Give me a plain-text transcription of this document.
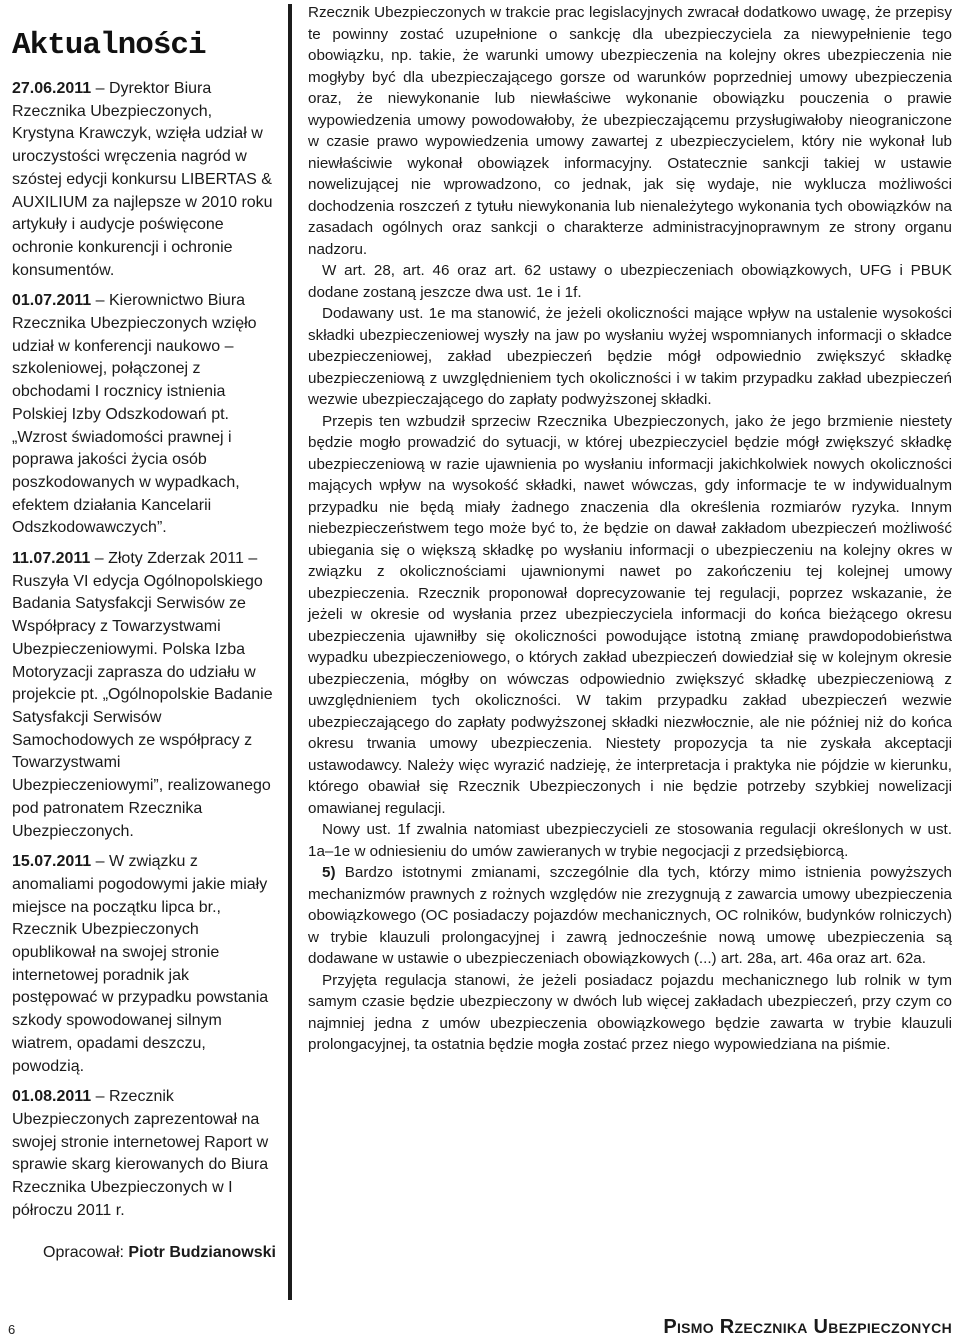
Aktualności

27.06.2011 – Dyrektor Biura Rzecznika Ubezpieczonych, Krystyna Krawczyk, wzięła udział w uroczystości wręczenia nagród w szóstej edycji konkursu LIBERTAS & AUXILIUM za najlepsze w 2010 roku artykuły i audycje poświęcone ochronie konkurencji i ochronie konsumentów.

01.07.2011 – Kierownictwo Biura Rzecznika Ubezpieczonych wzięło udział w konferencji naukowo – szkoleniowej, połączonej z obchodami I rocznicy istnienia Polskiej Izby Odszkodowań pt. „Wzrost świadomości prawnej i poprawa jakości życia osób poszkodowanych w wypadkach, efektem działania Kancelarii Odszkodowawczych”.

11.07.2011 – Złoty Zderzak 2011 – Ruszyła VI edycja Ogólnopolskiego Badania Satysfakcji Serwisów ze Współpracy z Towarzystwami Ubezpieczeniowymi. Polska Izba Motoryzacji zaprasza do udziału w projekcie pt. „Ogólnopolskie Badanie Satysfakcji Serwisów Samochodowych ze współpracy z Towarzystwami Ubezpieczeniowymi”, realizowanego pod patronatem Rzecznika Ubezpieczonych.

15.07.2011 – W związku z anomaliami pogodowymi jakie miały miejsce na początku lipca br., Rzecznik Ubezpieczonych opublikował na swojej stronie internetowej poradnik jak postępować w przypadku powstania szkody spowodowanej silnym wiatrem, opadami deszczu, powodzią.

01.08.2011 – Rzecznik Ubezpieczonych zaprezentował na swojej stronie internetowej Raport w sprawie skarg kierowanych do Biura Rzecznika Ubezpieczonych w I półroczu 2011 r.

Opracował: Piotr Budzianowski

Rzecznik Ubezpieczonych w trakcie prac legislacyjnych zwracał dodatkowo uwagę, że przepisy te powinny zostać uzupełnione o sankcję dla ubezpieczyciela za niewypełnienie tego obowiązku, np. takie, że warunki umowy ubezpieczenia na kolejny okres ubezpieczenia nie mogłyby być dla ubezpieczającego gorsze od warunków poprzedniej umowy ubezpieczenia oraz, że niewykonanie lub niewłaściwe wykonanie obowiązku pouczenia o prawie wypowiedzenia umowy powodowałoby, że ubezpieczającemu przysługiwałoby nieograniczone w czasie prawo wypowiedzenia umowy zawartej z ubezpieczycielem, który nie wykonał lub niewłaściwie wykonał obowiązek informacyjny. Ostatecznie sankcji takiej w ustawie nowelizującej nie wprowadzono, co jednak, jak się wydaje, nie wyklucza możliwości dochodzenia roszczeń z tytułu niewykonania lub nienależytego wykonania tych obowiązków na zasadach ogólnych oraz sankcji o charakterze administracyjnoprawnym ze strony organu nadzoru.

W art. 28, art. 46 oraz art. 62 ustawy o ubezpieczeniach obowiązkowych, UFG i PBUK dodane zostaną jeszcze dwa ust. 1e i 1f.

Dodawany ust. 1e ma stanowić, że jeżeli okoliczności mające wpływ na ustalenie wysokości składki ubezpieczeniowej wyszły na jaw po wysłaniu wyżej wspomnianych informacji o składce ubezpieczeniowej, zakład ubezpieczeń będzie mógł odpowiednio zwiększyć składkę ubezpieczeniową z uwzględnieniem tych okoliczności i w takim przypadku zakład ubezpieczeń wezwie ubezpieczającego do zapłaty podwyższonej składki.

Przepis ten wzbudził sprzeciw Rzecznika Ubezpieczonych, jako że jego brzmienie niestety będzie mogło prowadzić do sytuacji, w której ubezpieczyciel będzie mógł zwiększyć składkę ubezpieczeniową w razie ujawnienia po wysłaniu informacji jakichkolwiek nowych okoliczności mających wpływ na wysokość składki, nawet wówczas, gdy informacje te w indywidualnym przypadku nie będą miały żadnego znaczenia dla określenia rozmiarów ryzyka. Innym niebezpieczeństwem tego może być to, że będzie on dawał zakładom ubezpieczeń możliwość ubiegania się o większą składkę po wysłaniu informacji o ubezpieczeniu na kolejny okres w związku z okolicznościami ujawnionymi nawet po zakończeniu tej kolejnej umowy ubezpieczenia. Rzecznik proponował doprecyzowanie tej regulacji, poprzez wskazanie, że jeżeli w okresie od wysłania przez ubezpieczyciela informacji do końca bieżącego okresu ubezpieczenia ujawniłby się okoliczności powodujące istotną zmianę prawdopodobieństwa wypadku ubezpieczeniowego, o których zakład ubezpieczeń dowiedział się w kolejnym okresie ubezpieczenia, mógłby on wówczas odpowiednio zwiększyć składkę ubezpieczeniową z uwzględnieniem tych okoliczności. W takim przypadku zakład ubezpieczeń wezwie ubezpieczającego do zapłaty podwyższonej składki niezwłocznie, ale nie później niż do końca okresu trwania umowy ubezpieczenia. Niestety propozycja ta nie zyskała akceptacji ustawodawcy. Należy więc wyrazić nadzieję, że interpretacja i praktyka nie pójdzie w kierunku, którego obawiał się Rzecznik Ubezpieczonych i nie będzie potrzeby szybkiej nowelizacji omawianej regulacji.

Nowy ust. 1f zwalnia natomiast ubezpieczycieli ze stosowania regulacji określonych w ust. 1a–1e w odniesieniu do umów zawieranych w trybie negocjacji z przedsiębiorcą.

5) Bardzo istotnymi zmianami, szczególnie dla tych, którzy mimo istnienia powyższych mechanizmów prawnych z rożnych względów nie zrezygnują z zawarcia umowy ubezpieczenia obowiązkowego (OC posiadaczy pojazdów mechanicznych, OC rolników, budynków rolniczych) w trybie klauzuli prolongacyjnej i zawrą jednocześnie nową umowę ubezpieczenia są dodawane w ustawie o ubezpieczeniach obowiązkowych (...) art. 28a, art. 46a oraz art. 62a.

Przyjęta regulacja stanowi, że jeżeli posiadacz pojazdu mechanicznego lub rolnik w tym samym czasie będzie ubezpieczony w dwóch lub więcej zakładach ubezpieczeń, przy czym co najmniej jedna z umów ubezpieczenia obowiązkowego będzie zawarta w trybie klauzuli prolongacyjnej, ta ostatnia będzie mogła zostać przez niego wypowiedziana na piśmie.

6	Pismo Rzecznika Ubezpieczonych
